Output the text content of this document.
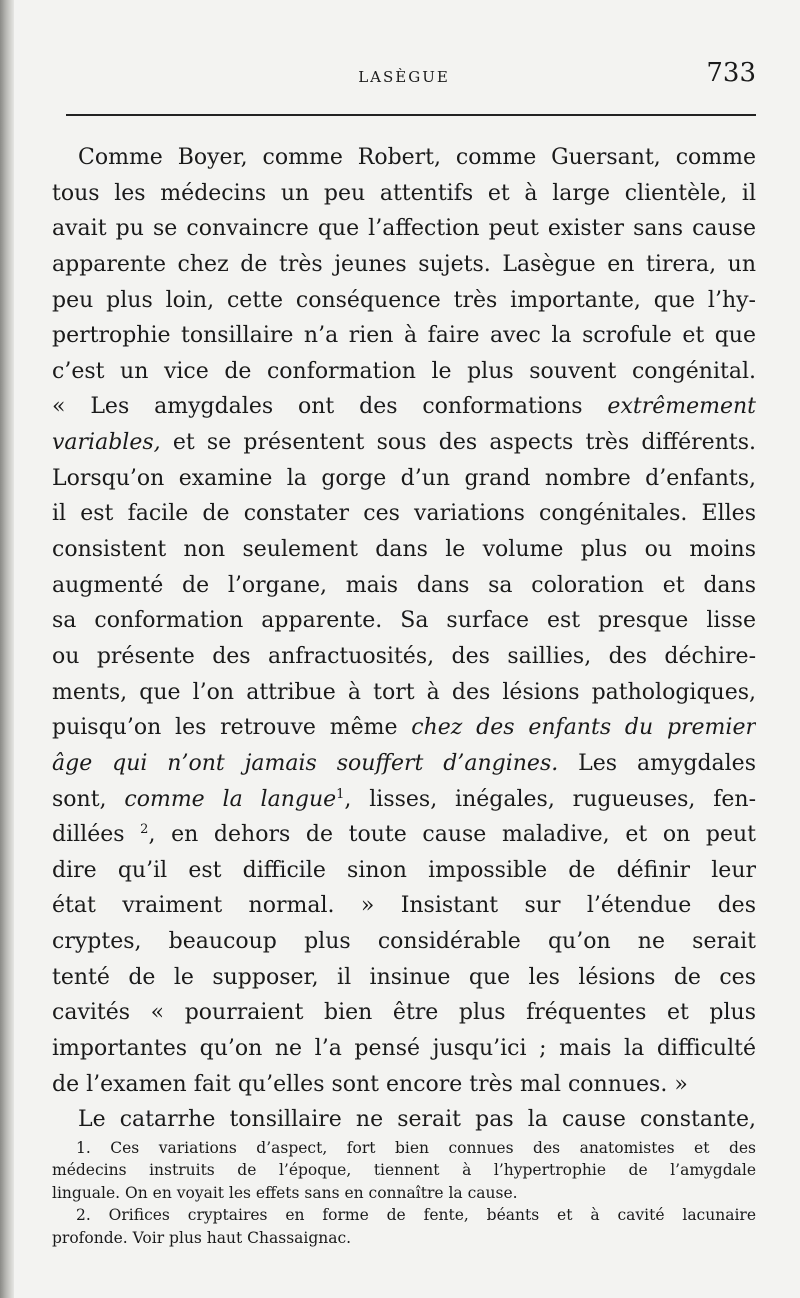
LASÈGUE	733
Comme Boyer, comme Robert, comme Guersant, comme
tous les médecins un peu attentifs et à large clientèle, il
avait pu se convaincre que l’affection peut exister sans cause
apparente chez de très jeunes sujets. Lasègue en tirera, un
peu plus loin, cette conséquence très importante, que l’hy-
pertrophie tonsillaire n’a rien à faire avec la scrofule et que
c’est un vice de conformation le plus souvent congénital.
« Les amygdales ont des conformations extrêmement
variables, et se présentent sous des aspects très différents.
Lorsqu’on examine la gorge d’un grand nombre d’enfants,
il est facile de constater ces variations congénitales. Elles
consistent non seulement dans le volume plus ou moins
augmenté de l’organe, mais dans sa coloration et dans
sa conformation apparente. Sa surface est presque lisse
ou présente des anfractuosités, des saillies, des déchire-
ments, que l’on attribue à tort à des lésions pathologiques,
puisqu’on les retrouve même chez des enfants du premier
âge qui n’ont jamais souffert d’angines. Les amygdales
sont, comme la langue$^1$, lisses, inégales, rugueuses, fen-
dillées $^2$, en dehors de toute cause maladive, et on peut
dire qu’il est difficile sinon impossible de définir leur
état vraiment normal. » Insistant sur l’étendue des
cryptes, beaucoup plus considérable qu’on ne serait
tenté de le supposer, il insinue que les lésions de ces
cavités « pourraient bien être plus fréquentes et plus
importantes qu’on ne l’a pensé jusqu’ici ; mais la difficulté
de l’examen fait qu’elles sont encore très mal connues. »
Le catarrhe tonsillaire ne serait pas la cause constante,
1. Ces variations d’aspect, fort bien connues des anatomistes et des
médecins instruits de l’époque, tiennent à l’hypertrophie de l’amygdale
linguale. On en voyait les effets sans en connaître la cause.
2. Orifices cryptaires en forme de fente, béants et à cavité lacunaire
profonde. Voir plus haut Chassaignac.
